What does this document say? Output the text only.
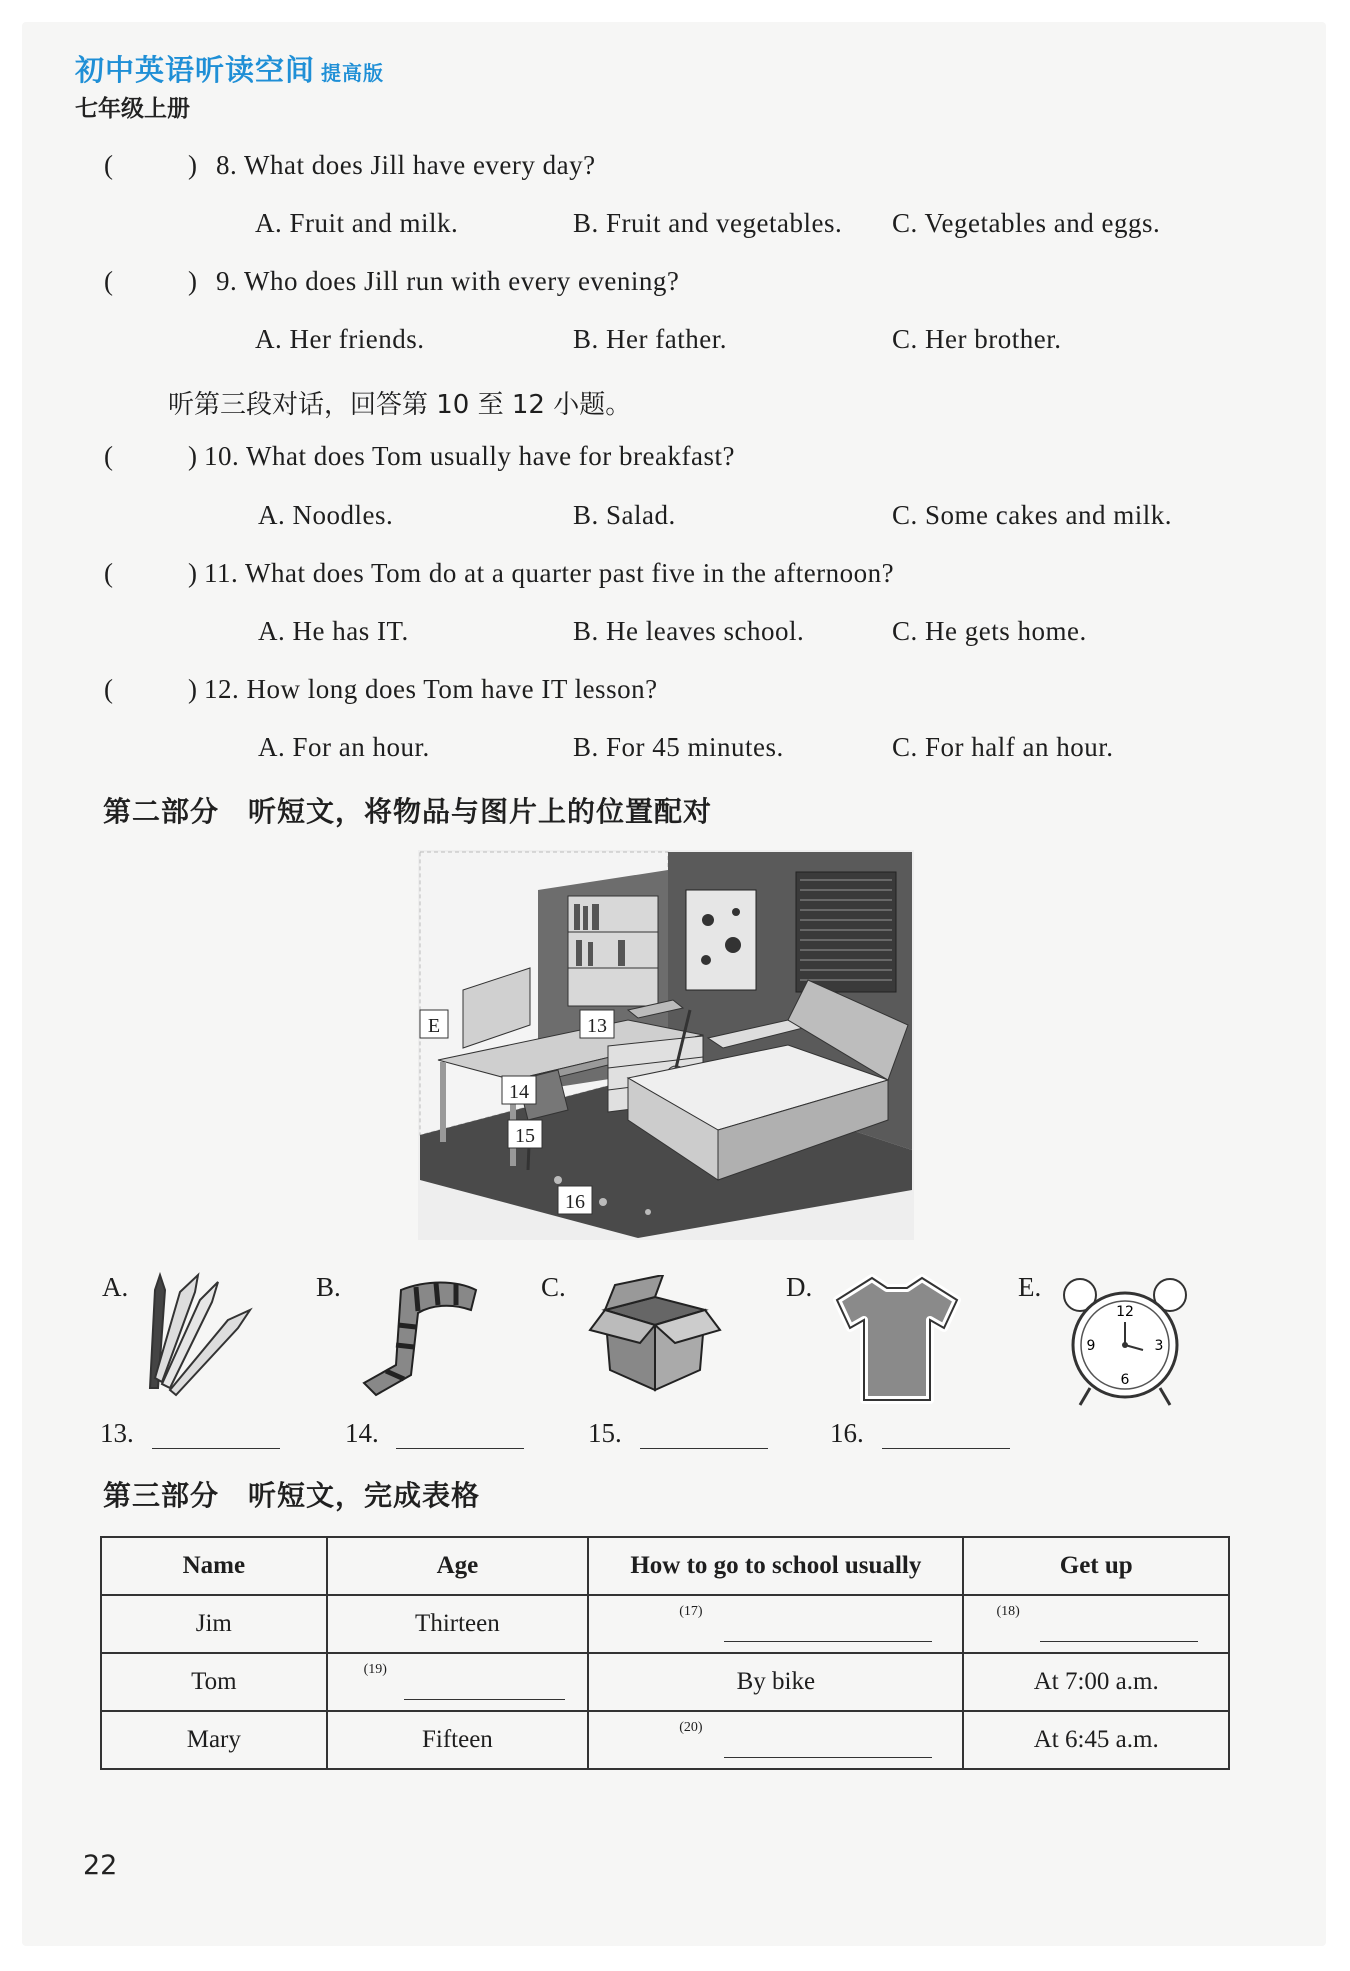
初中英语听读空间 提高版
七年级上册
(	) 8. What does Jill have every day?
A. Fruit and milk.	B. Fruit and vegetables. C. Vegetables and eggs.
(	) 9. Who does Jill run with every evening?
A. Her friends.	B. Her father.	C. Her brother.
听第三段对话，回答第 10 至 12 小题。
(	) 10. What does Tom usually have for breakfast?
A. Noodles.	B. Salad.	C. Some cakes and milk.
(	) 11. What does Tom do at a quarter past five in the afternoon?
A. He has IT.	B. He leaves school.	C. He gets home.
(	) 12. How long does Tom have IT lesson?
A. For an hour.	B. For 45 minutes.	C. For half an hour.
第二部分　听短文，将物品与图片上的位置配对
E	13
14
15
16
A.	B.	C.	D.	E.
12
3
6
9
13.	14.	15.	16.
第三部分　听短文，完成表格
Name	Age	How to go to school usually	Get up
Jim	Thirteen	(17)	(18)

Tom	(19)	By bike	At 7:00 a.m.
Mary	Fifteen	(20)	At 6:45 a.m.
22
